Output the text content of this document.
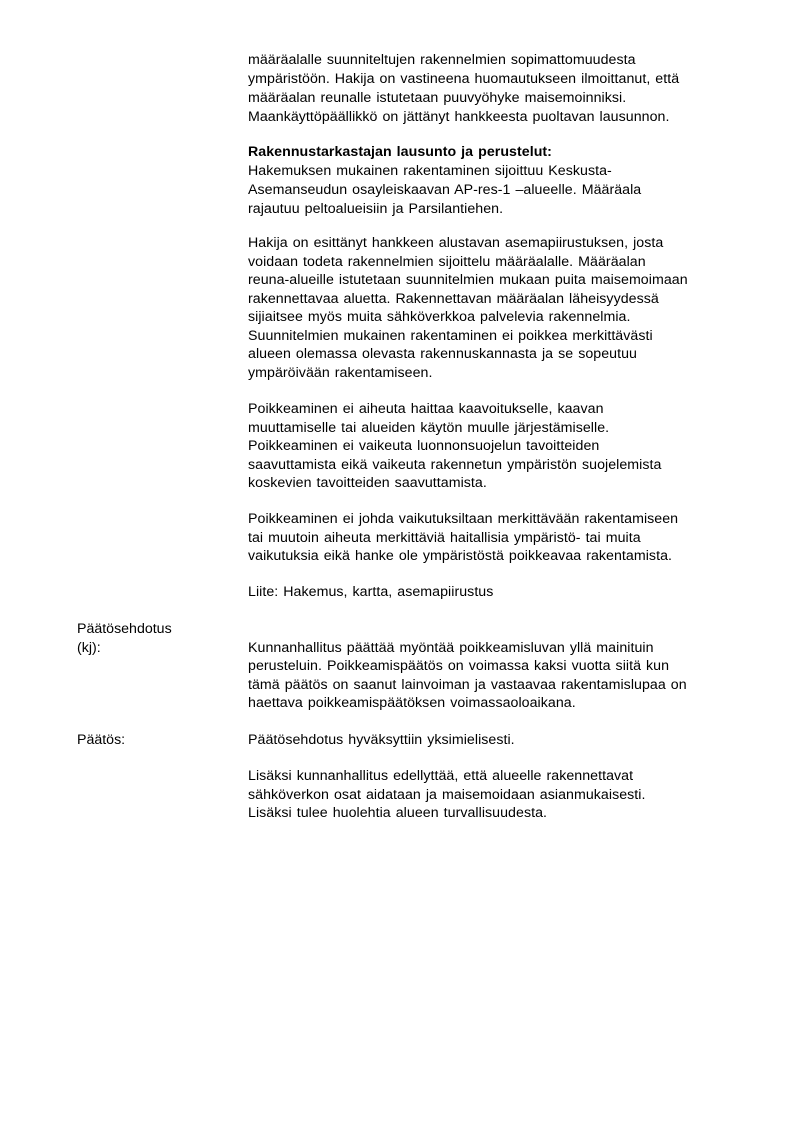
määräalalle suunniteltujen rakennelmien sopimattomuudesta
ympäristöön. Hakija on vastineena huomautukseen ilmoittanut, että
määräalan reunalle istutetaan puuvyöhyke maisemoinniksi.
Maankäyttöpäällikkö on jättänyt hankkeesta puoltavan lausunnon.
Rakennustarkastajan lausunto ja perustelut:
Hakemuksen mukainen rakentaminen sijoittuu Keskusta-
Asemanseudun osayleiskaavan AP-res-1 –alueelle. Määräala
rajautuu peltoalueisiin ja Parsilantiehen.
Hakija on esittänyt hankkeen alustavan asemapiirustuksen, josta
voidaan todeta rakennelmien sijoittelu määräalalle. Määräalan
reuna-alueille istutetaan suunnitelmien mukaan puita maisemoimaan
rakennettavaa aluetta. Rakennettavan määräalan läheisyydessä
sijiaitsee myös muita sähköverkkoa palvelevia rakennelmia.
Suunnitelmien mukainen rakentaminen ei poikkea merkittävästi
alueen olemassa olevasta rakennuskannasta ja se sopeutuu
ympäröivään rakentamiseen.
Poikkeaminen ei aiheuta haittaa kaavoitukselle, kaavan
muuttamiselle tai alueiden käytön muulle järjestämiselle.
Poikkeaminen ei vaikeuta luonnonsuojelun tavoitteiden
saavuttamista eikä vaikeuta rakennetun ympäristön suojelemista
koskevien tavoitteiden saavuttamista.
Poikkeaminen ei johda vaikutuksiltaan merkittävään rakentamiseen
tai muutoin aiheuta merkittäviä haitallisia ympäristö- tai muita
vaikutuksia eikä hanke ole ympäristöstä poikkeavaa rakentamista.
Liite: Hakemus, kartta, asemapiirustus
Päätösehdotus
(kj):	Kunnanhallitus päättää myöntää poikkeamisluvan yllä mainituin
perusteluin. Poikkeamispäätös on voimassa kaksi vuotta siitä kun
tämä päätös on saanut lainvoiman ja vastaavaa rakentamislupaa on
haettava poikkeamispäätöksen voimassaoloaikana.
Päätös:	Päätösehdotus hyväksyttiin yksimielisesti.
Lisäksi kunnanhallitus edellyttää, että alueelle rakennettavat
sähköverkon osat aidataan ja maisemoidaan asianmukaisesti.
Lisäksi tulee huolehtia alueen turvallisuudesta.
